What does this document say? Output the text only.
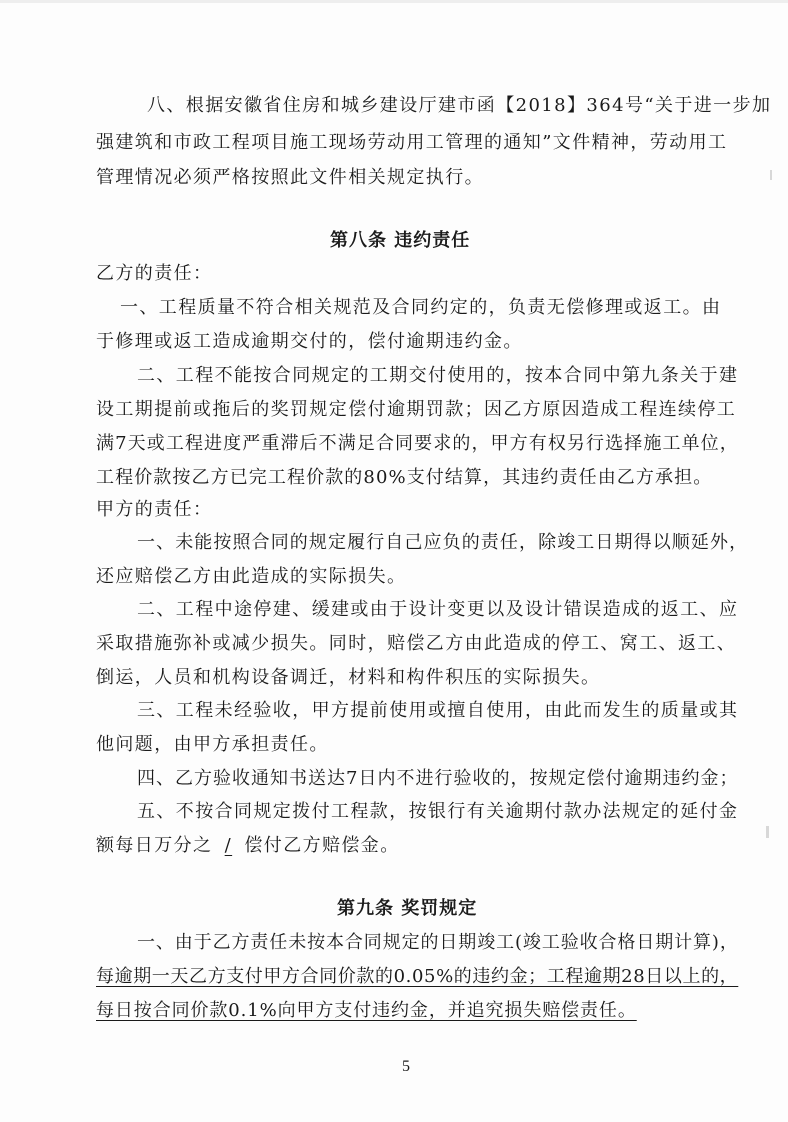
八、根据安徽省住房和城乡建设厅建市函【2018】364号“关于进一步加
强建筑和市政工程项目施工现场劳动用工管理的通知”文件精神，劳动用工
管理情况必须严格按照此文件相关规定执行。
第八条 违约责任
乙方的责任：
一、工程质量不符合相关规范及合同约定的，负责无偿修理或返工。由
于修理或返工造成逾期交付的，偿付逾期违约金。
二、工程不能按合同规定的工期交付使用的，按本合同中第九条关于建
设工期提前或拖后的奖罚规定偿付逾期罚款；因乙方原因造成工程连续停工
满7天或工程进度严重滞后不满足合同要求的，甲方有权另行选择施工单位，
工程价款按乙方已完工程价款的80%支付结算，其违约责任由乙方承担。
甲方的责任：
一、未能按照合同的规定履行自己应负的责任，除竣工日期得以顺延外，
还应赔偿乙方由此造成的实际损失。
二、工程中途停建、缓建或由于设计变更以及设计错误造成的返工、应
采取措施弥补或减少损失。同时，赔偿乙方由此造成的停工、窝工、返工、
倒运，人员和机构设备调迁，材料和构件积压的实际损失。
三、工程未经验收，甲方提前使用或擅自使用，由此而发生的质量或其
他问题，由甲方承担责任。
四、乙方验收通知书送达7日内不进行验收的，按规定偿付逾期违约金；
五、不按合同规定拨付工程款，按银行有关逾期付款办法规定的延付金
额每日万分之 / 偿付乙方赔偿金。
第九条 奖罚规定
一、由于乙方责任未按本合同规定的日期竣工(竣工验收合格日期计算)，
每逾期一天乙方支付甲方合同价款的0.05%的违约金；工程逾期28日以上的，
每日按合同价款0.1%向甲方支付违约金，并追究损失赔偿责任。
5
